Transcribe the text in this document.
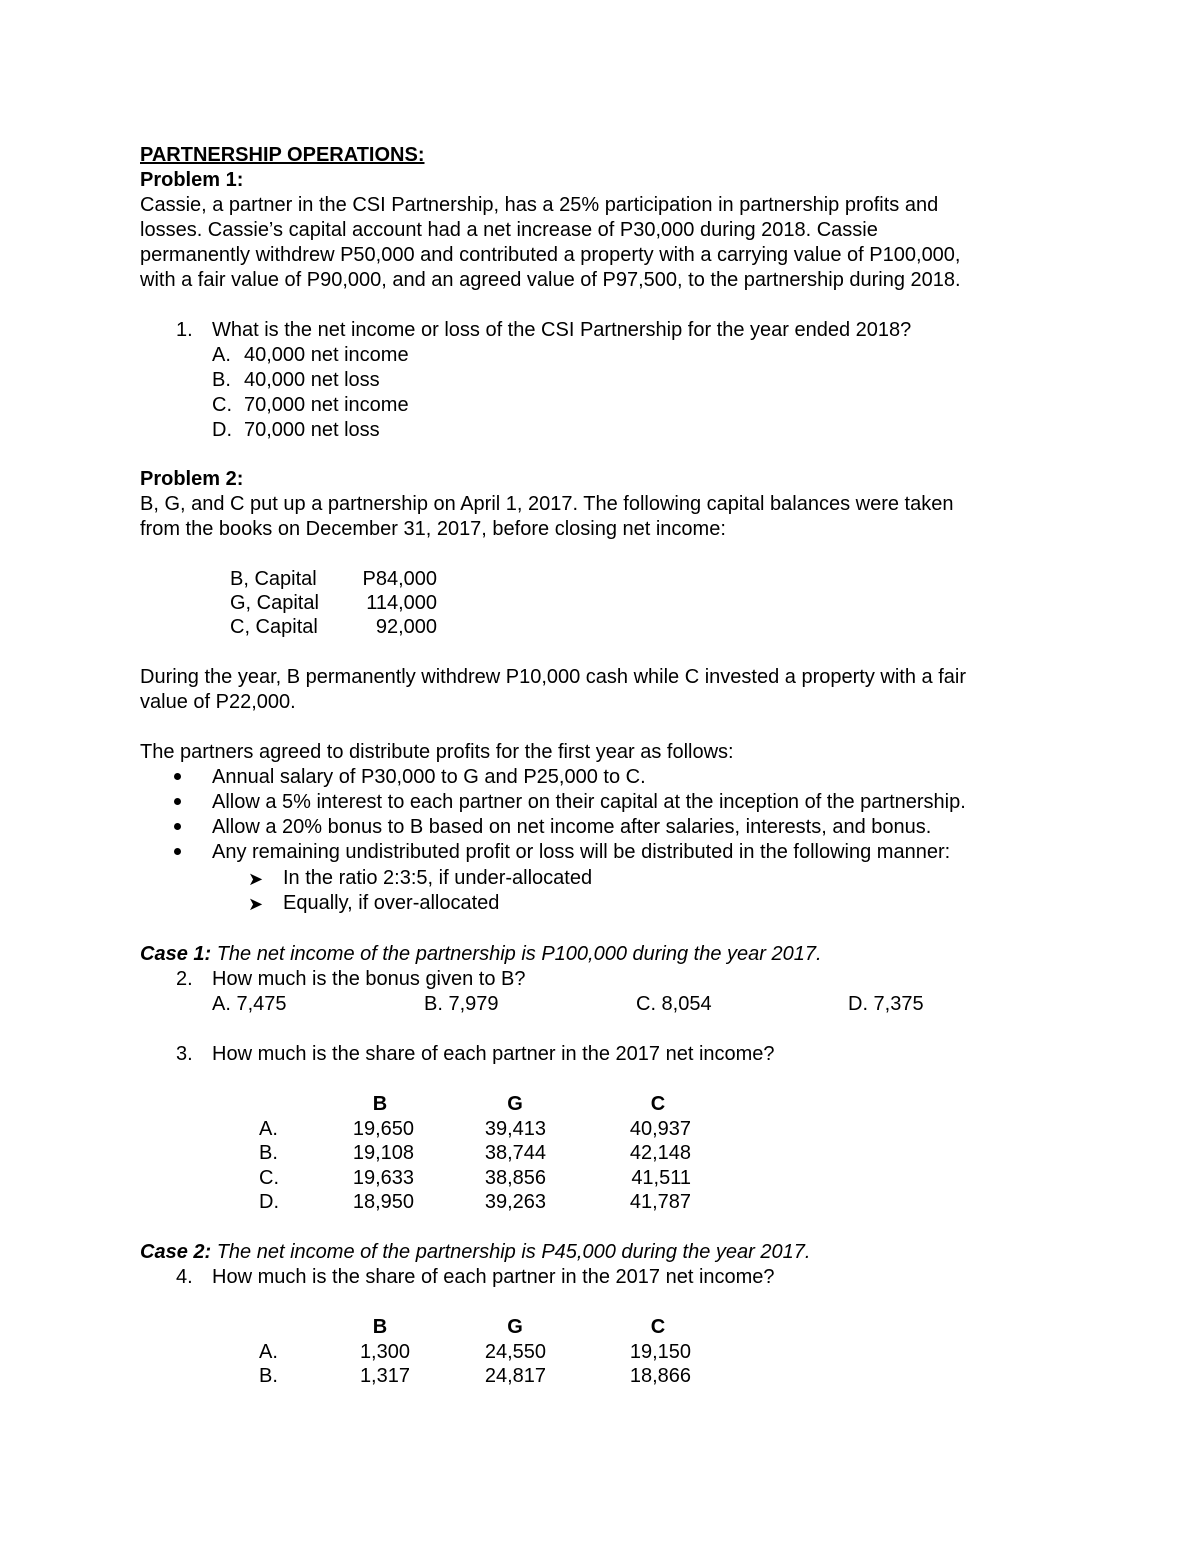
PARTNERSHIP OPERATIONS:
Problem 1:
Cassie, a partner in the CSI Partnership, has a 25% participation in partnership profits and
losses. Cassie’s capital account had a net increase of P30,000 during 2018. Cassie
permanently withdrew P50,000 and contributed a property with a carrying value of P100,000,
with a fair value of P90,000, and an agreed value of P97,500, to the partnership during 2018.
1. What is the net income or loss of the CSI Partnership for the year ended 2018?
A. 40,000 net income
B. 40,000 net loss
C. 70,000 net income
D. 70,000 net loss
Problem 2:
B, G, and C put up a partnership on April 1, 2017. The following capital balances were taken
from the books on December 31, 2017, before closing net income:
B, Capital	P84,000
G, Capital	114,000
C, Capital	92,000
During the year, B permanently withdrew P10,000 cash while C invested a property with a fair
value of P22,000.
The partners agreed to distribute profits for the first year as follows:
Annual salary of P30,000 to G and P25,000 to C.
Allow a 5% interest to each partner on their capital at the inception of the partnership.
Allow a 20% bonus to B based on net income after salaries, interests, and bonus.
Any remaining undistributed profit or loss will be distributed in the following manner:
➤ In the ratio 2:3:5, if under-allocated
➤ Equally, if over-allocated
Case 1: The net income of the partnership is P100,000 during the year 2017.
2. How much is the bonus given to B?
A. 7,475	B. 7,979	C. 8,054	D. 7,375
3. How much is the share of each partner in the 2017 net income?
B	G	C
A.	19,650	39,413	40,937
B.	19,108	38,744	42,148
C.	19,633	38,856	41,511
D.	18,950	39,263	41,787
Case 2: The net income of the partnership is P45,000 during the year 2017.
4. How much is the share of each partner in the 2017 net income?
B	G	C
A.	1,300	24,550	19,150
B.	1,317	24,817	18,866
